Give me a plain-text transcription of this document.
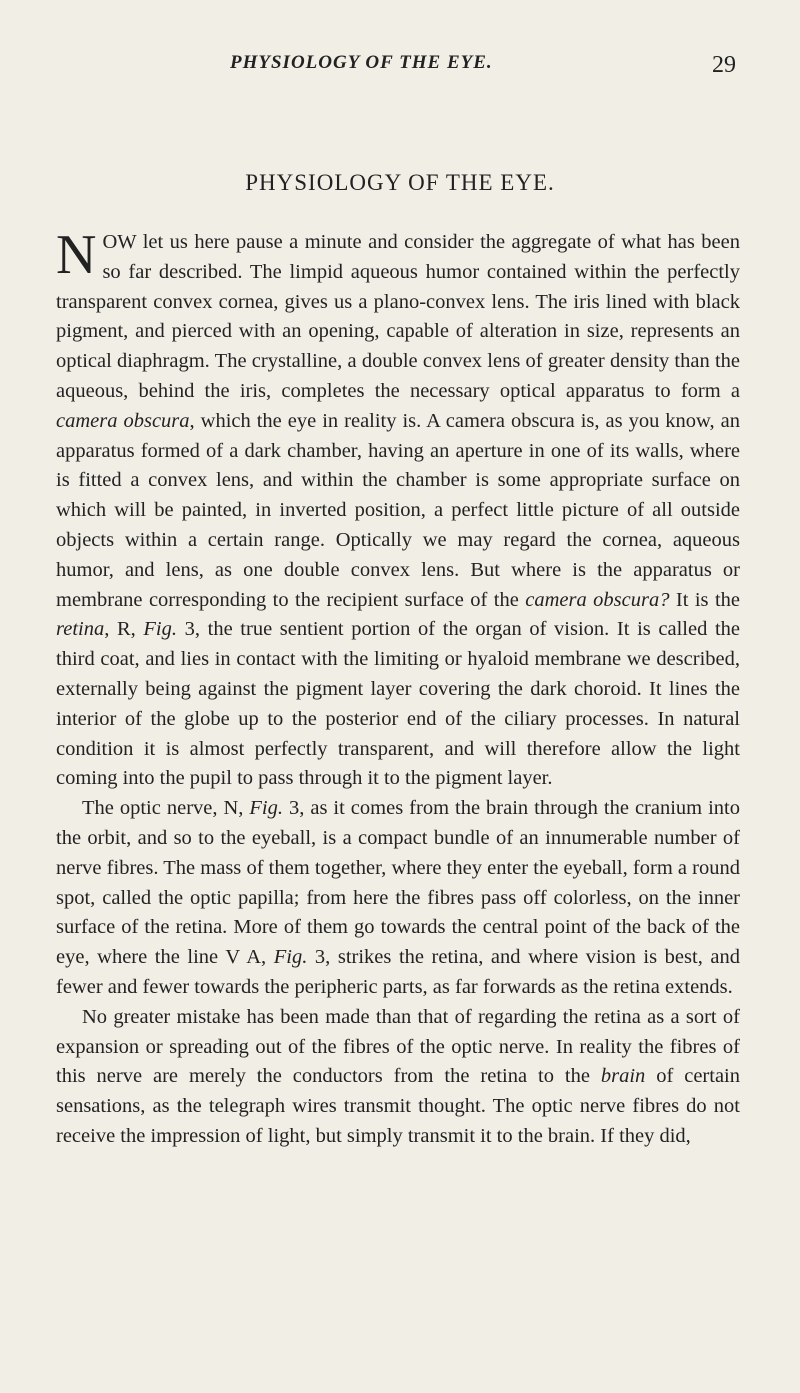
PHYSIOLOGY OF THE EYE.	29
PHYSIOLOGY OF THE EYE.

NOW let us here pause a minute and consider the aggregate of what has been so far described. The limpid aqueous humor contained within the perfectly transparent convex cornea, gives us a plano-convex lens. The iris lined with black pigment, and pierced with an opening, capable of alteration in size, represents an optical diaphragm. The crystalline, a double convex lens of greater density than the aqueous, behind the iris, completes the necessary optical apparatus to form a camera obscura, which the eye in reality is. A camera obscura is, as you know, an apparatus formed of a dark chamber, having an aperture in one of its walls, where is fitted a convex lens, and within the chamber is some appropriate surface on which will be painted, in inverted position, a perfect little picture of all outside objects within a certain range. Optically we may regard the cornea, aqueous humor, and lens, as one double convex lens. But where is the apparatus or membrane corresponding to the recipient surface of the camera obscura? It is the retina, R, Fig. 3, the true sentient portion of the organ of vision. It is called the third coat, and lies in contact with the limiting or hyaloid membrane we described, externally being against the pigment layer covering the dark choroid. It lines the interior of the globe up to the posterior end of the ciliary processes. In natural condition it is almost perfectly transparent, and will therefore allow the light coming into the pupil to pass through it to the pigment layer.

The optic nerve, N, Fig. 3, as it comes from the brain through the cranium into the orbit, and so to the eyeball, is a compact bundle of an innumerable number of nerve fibres. The mass of them together, where they enter the eyeball, form a round spot, called the optic papilla; from here the fibres pass off colorless, on the inner surface of the retina. More of them go towards the central point of the back of the eye, where the line V A, Fig. 3, strikes the retina, and where vision is best, and fewer and fewer towards the peripheric parts, as far forwards as the retina extends.

No greater mistake has been made than that of regarding the retina as a sort of expansion or spreading out of the fibres of the optic nerve. In reality the fibres of this nerve are merely the conductors from the retina to the brain of certain sensations, as the telegraph wires transmit thought. The optic nerve fibres do not receive the impression of light, but simply transmit it to the brain. If they did,
